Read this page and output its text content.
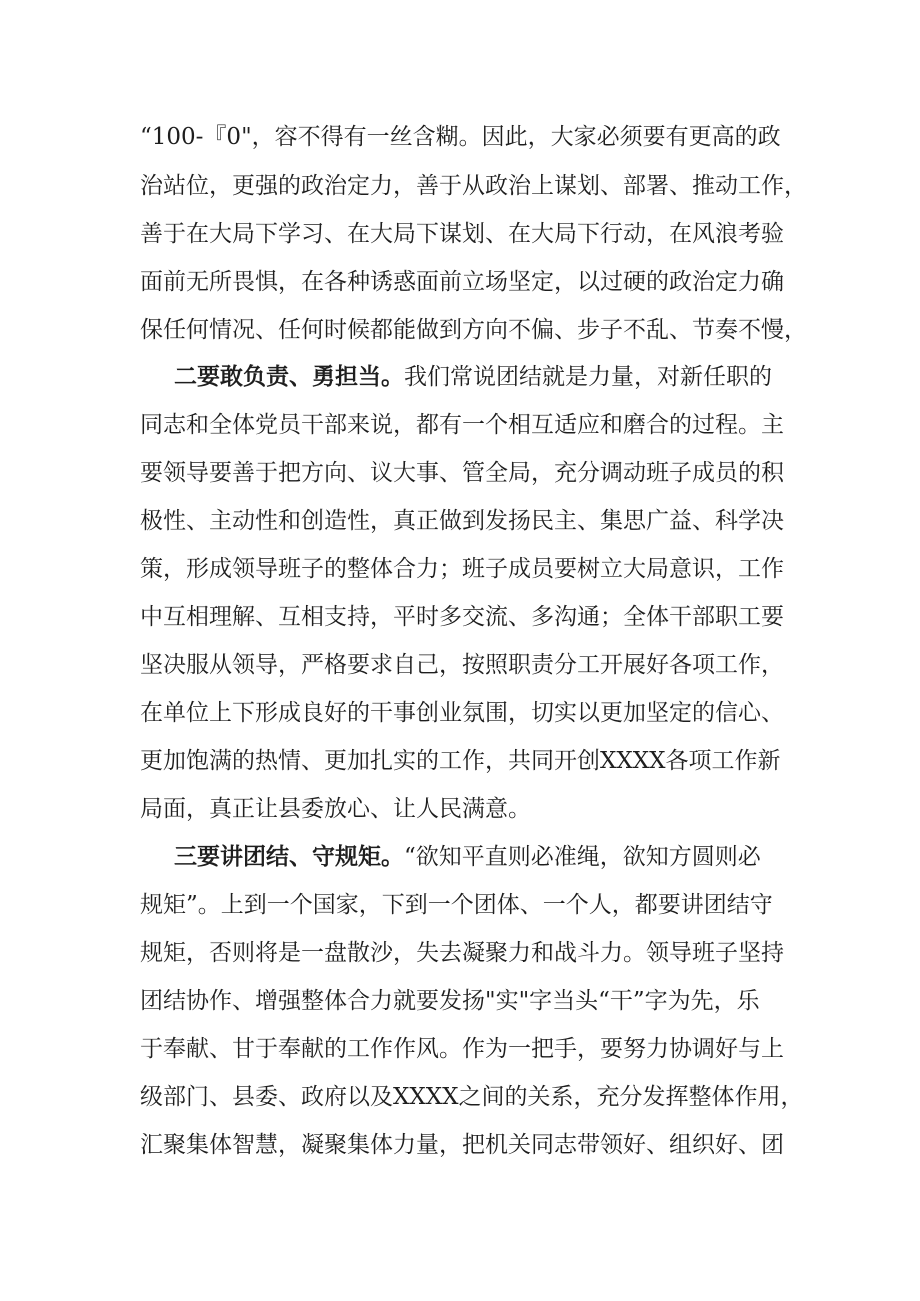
“100-『0"，容不得有一丝含糊。因此，大家必须要有更高的政
治站位，更强的政治定力，善于从政治上谋划、部署、推动工作，
善于在大局下学习、在大局下谋划、在大局下行动，在风浪考验
面前无所畏惧，在各种诱惑面前立场坚定，以过硬的政治定力确
保任何情况、任何时候都能做到方向不偏、步子不乱、节奏不慢，
二要敢负责、勇担当。我们常说团结就是力量，对新任职的
同志和全体党员干部来说，都有一个相互适应和磨合的过程。主
要领导要善于把方向、议大事、管全局，充分调动班子成员的积
极性、主动性和创造性，真正做到发扬民主、集思广益、科学决
策，形成领导班子的整体合力；班子成员要树立大局意识，工作
中互相理解、互相支持，平时多交流、多沟通；全体干部职工要
坚决服从领导，严格要求自己，按照职责分工开展好各项工作，
在单位上下形成良好的干事创业氛围，切实以更加坚定的信心、
更加饱满的热情、更加扎实的工作，共同开创XXXX各项工作新
局面，真正让县委放心、让人民满意。
三要讲团结、守规矩。“欲知平直则必准绳，欲知方圆则必
规矩”。上到一个国家，下到一个团体、一个人，都要讲团结守
规矩，否则将是一盘散沙，失去凝聚力和战斗力。领导班子坚持
团结协作、增强整体合力就要发扬"实"字当头“干”字为先，乐
于奉献、甘于奉献的工作作风。作为一把手，要努力协调好与上
级部门、县委、政府以及XXXX之间的关系，充分发挥整体作用，
汇聚集体智慧，凝聚集体力量，把机关同志带领好、组织好、团
